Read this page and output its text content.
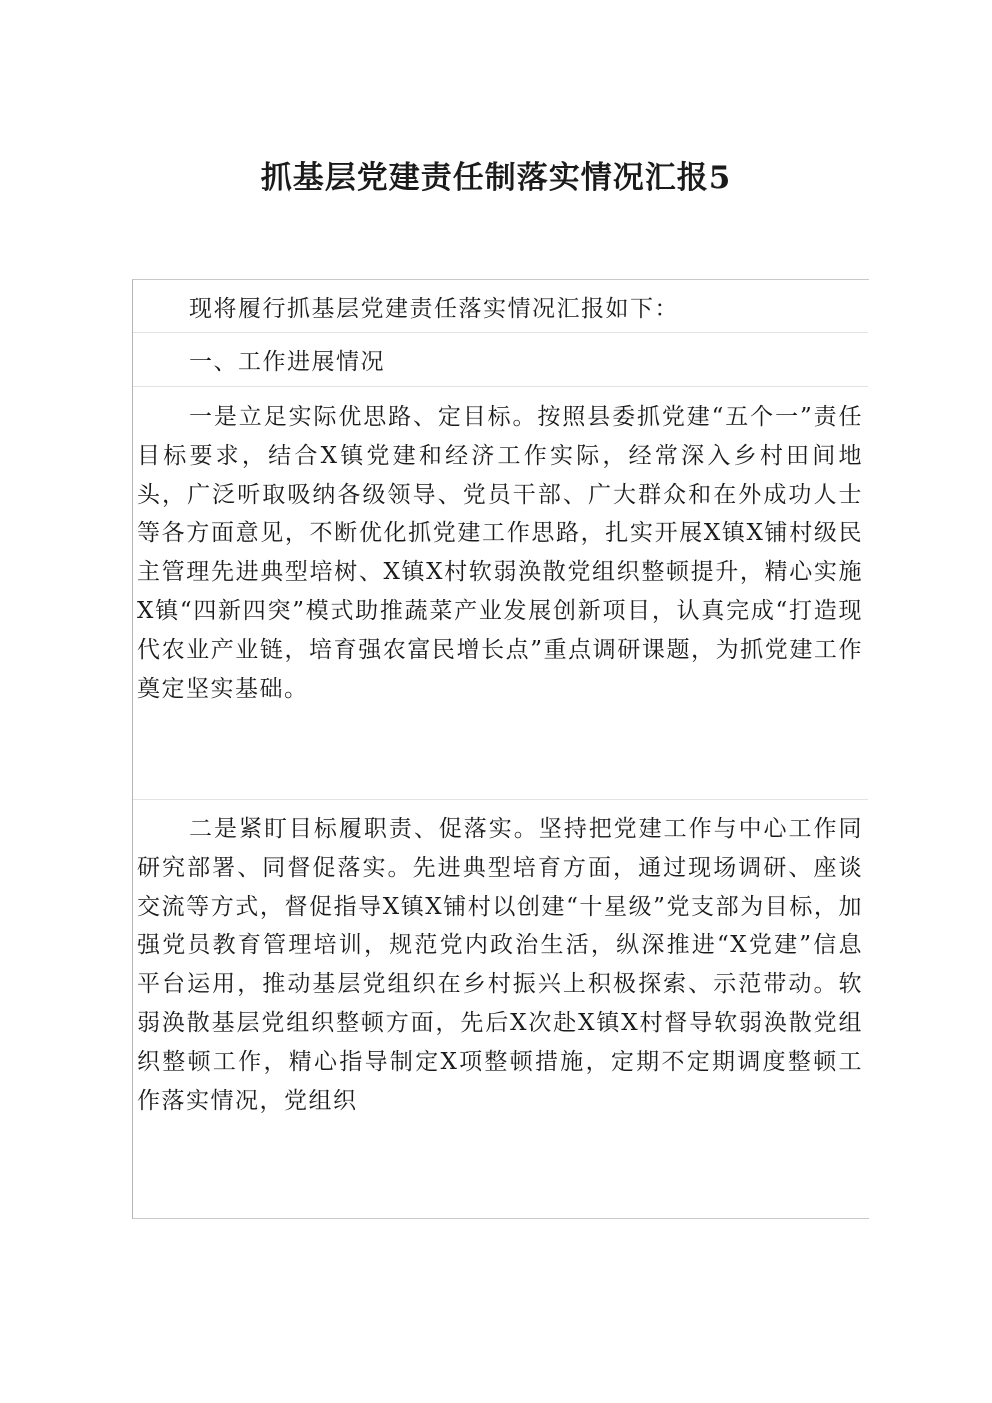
抓基层党建责任制落实情况汇报5

现将履行抓基层党建责任落实情况汇报如下：

一、工作进展情况

一是立足实际优思路、定目标。按照县委抓党建“五个一”责任目标要求，结合X镇党建和经济工作实际，经常深入乡村田间地头，广泛听取吸纳各级领导、党员干部、广大群众和在外成功人士等各方面意见，不断优化抓党建工作思路，扎实开展X镇X铺村级民主管理先进典型培树、X镇X村软弱涣散党组织整顿提升，精心实施X镇“四新四突”模式助推蔬菜产业发展创新项目，认真完成“打造现代农业产业链，培育强农富民增长点”重点调研课题，为抓党建工作奠定坚实基础。

二是紧盯目标履职责、促落实。坚持把党建工作与中心工作同研究部署、同督促落实。先进典型培育方面，通过现场调研、座谈交流等方式，督促指导X镇X铺村以创建“十星级”党支部为目标，加强党员教育管理培训，规范党内政治生活，纵深推进“X党建”信息平台运用，推动基层党组织在乡村振兴上积极探索、示范带动。软弱涣散基层党组织整顿方面，先后X次赴X镇X村督导软弱涣散党组织整顿工作，精心指导制定X项整顿措施，定期不定期调度整顿工作落实情况，党组织
